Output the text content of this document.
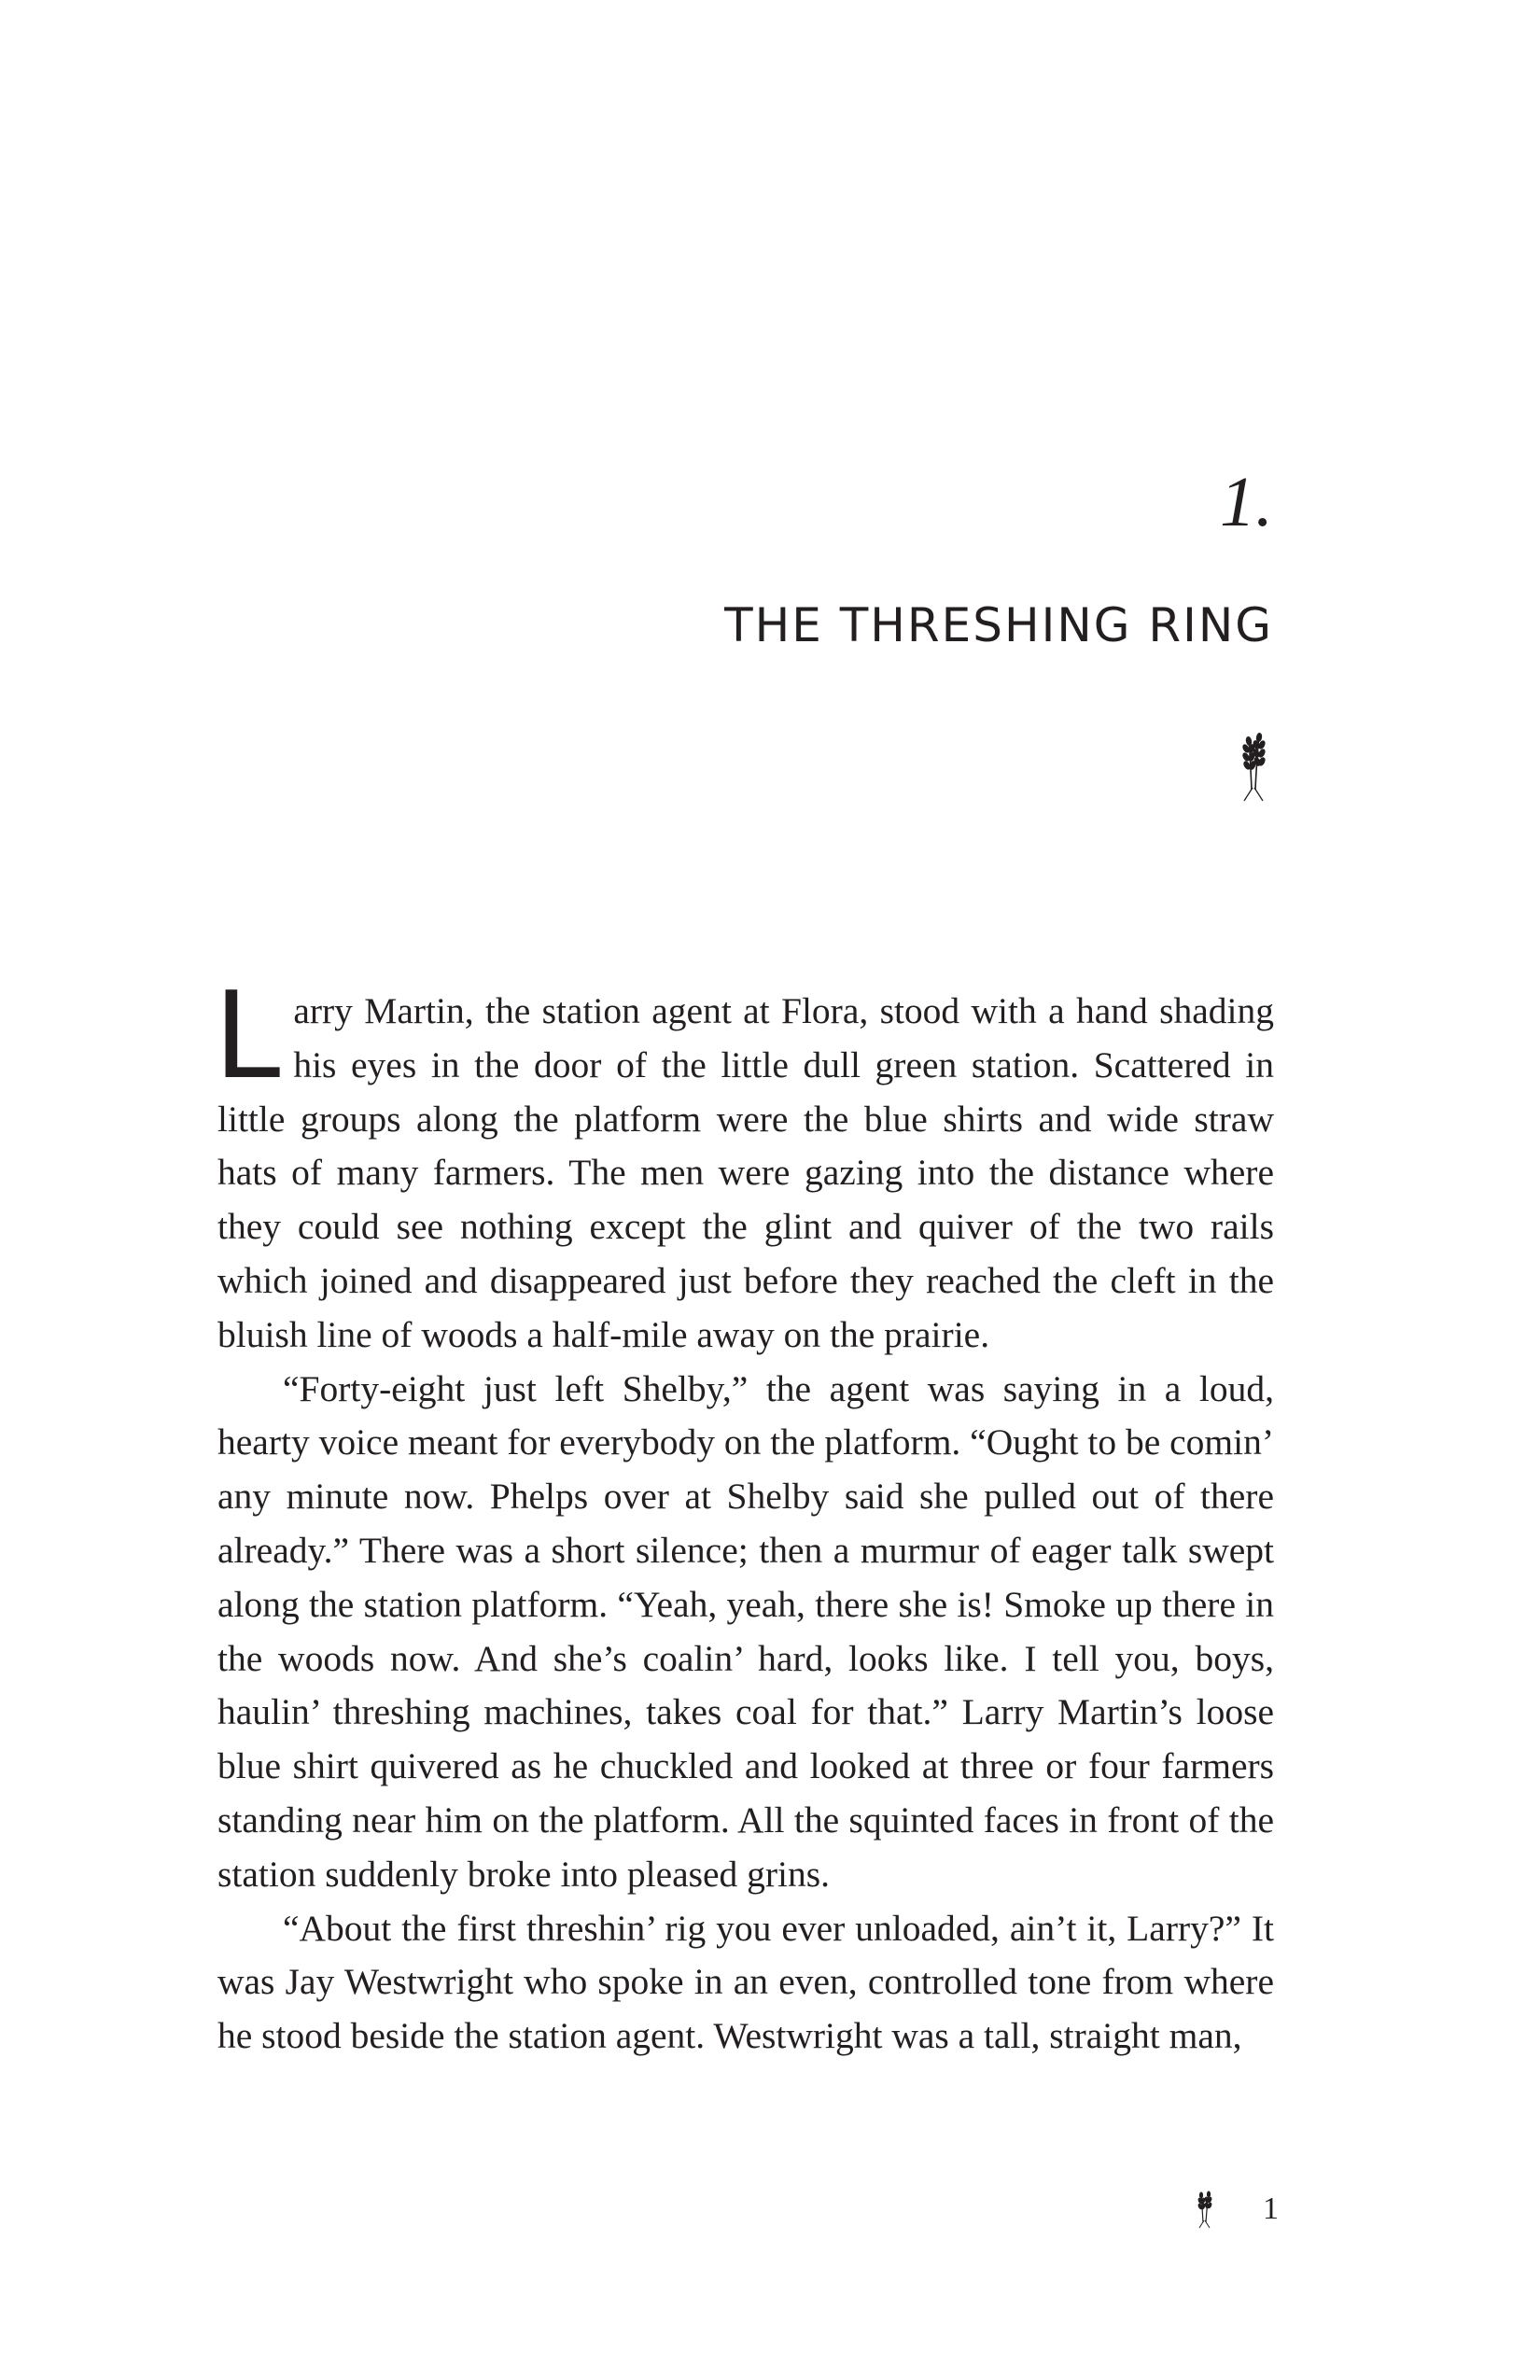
1.
THE THRESHING RING

Larry Martin, the station agent at Flora, stood with a hand shading his eyes in the door of the little dull green station. Scattered in little groups along the platform were the blue shirts and wide straw hats of many farmers. The men were gazing into the distance where they could see nothing except the glint and quiver of the two rails which joined and disappeared just before they reached the cleft in the bluish line of woods a half-mile away on the prairie.

“Forty-eight just left Shelby,” the agent was saying in a loud, hearty voice meant for everybody on the platform. “Ought to be comin’ any minute now. Phelps over at Shelby said she pulled out of there already.” There was a short silence; then a murmur of eager talk swept along the station platform. “Yeah, yeah, there she is! Smoke up there in the woods now. And she’s coalin’ hard, looks like. I tell you, boys, haulin’ threshing machines, takes coal for that.” Larry Martin’s loose blue shirt quivered as he chuckled and looked at three or four farmers standing near him on the platform. All the squinted faces in front of the station suddenly broke into pleased grins.

“About the first threshin’ rig you ever unloaded, ain’t it, Larry?” It was Jay Westwright who spoke in an even, controlled tone from where he stood beside the station agent. Westwright was a tall, straight man,

1
